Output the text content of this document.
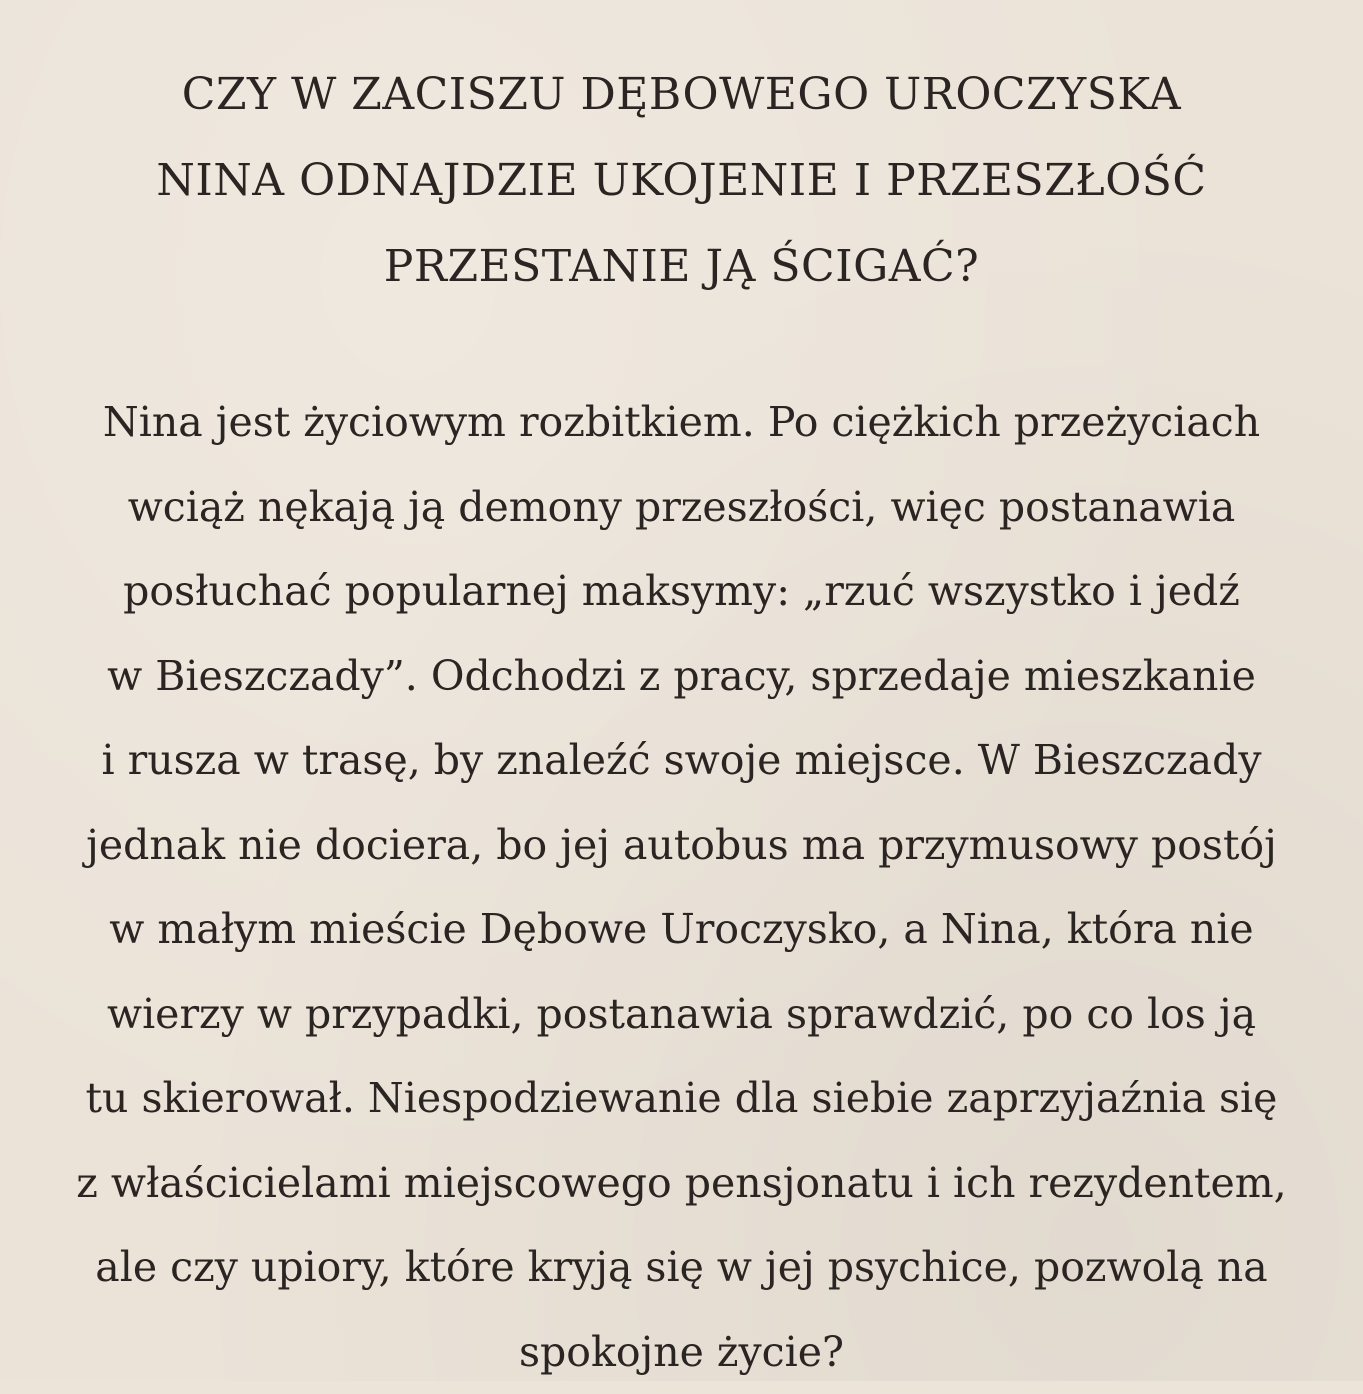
CZY W ZACISZU DĘBOWEGO UROCZYSKA
NINA ODNAJDZIE UKOJENIE I PRZESZŁOŚĆ
PRZESTANIE JĄ ŚCIGAĆ?

Nina jest życiowym rozbitkiem. Po ciężkich przeżyciach
wciąż nękają ją demony przeszłości, więc postanawia
posłuchać popularnej maksymy: „rzuć wszystko i jedź
w Bieszczady”. Odchodzi z pracy, sprzedaje mieszkanie
i rusza w trasę, by znaleźć swoje miejsce. W Bieszczady
jednak nie dociera, bo jej autobus ma przymusowy postój
w małym mieście Dębowe Uroczysko, a Nina, która nie
wierzy w przypadki, postanawia sprawdzić, po co los ją
tu skierował. Niespodziewanie dla siebie zaprzyjaźnia się
z właścicielami miejscowego pensjonatu i ich rezydentem,
ale czy upiory, które kryją się w jej psychice, pozwolą na
spokojne życie?
